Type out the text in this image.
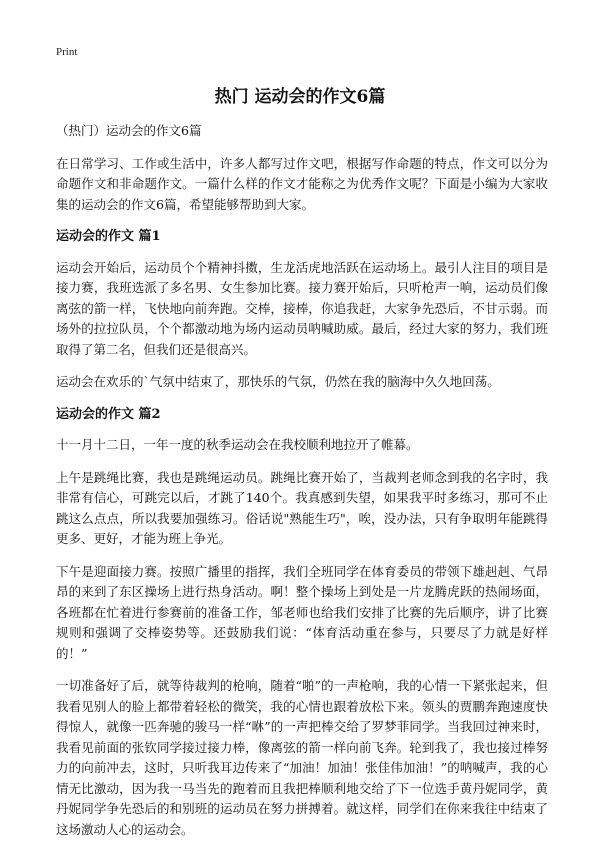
Print
热门 运动会的作文6篇

（热门）运动会的作文6篇

在日常学习、工作或生活中，许多人都写过作文吧，根据写作命题的特点，作文可以分为命题作文和非命题作文。一篇什么样的作文才能称之为优秀作文呢？下面是小编为大家收集的运动会的作文6篇，希望能够帮助到大家。

运动会的作文 篇1

运动会开始后，运动员个个精神抖擞，生龙活虎地活跃在运动场上。最引人注目的项目是接力赛，我班选派了多名男、女生参加比赛。接力赛开始后，只听枪声一响，运动员们像离弦的箭一样，飞快地向前奔跑。交棒，接棒，你追我赶，大家争先恐后，不甘示弱。而场外的拉拉队员，个个都激动地为场内运动员呐喊助威。最后，经过大家的努力，我们班取得了第二名，但我们还是很高兴。

运动会在欢乐的`气氛中结束了，那快乐的气氛，仍然在我的脑海中久久地回荡。

运动会的作文 篇2

十一月十二日，一年一度的秋季运动会在我校顺利地拉开了帷幕。

上午是跳绳比赛，我也是跳绳运动员。跳绳比赛开始了，当裁判老师念到我的名字时，我非常有信心，可跳完以后，才跳了140个。我真感到失望，如果我平时多练习，那可不止跳这么点点，所以我要加强练习。俗话说"熟能生巧"，唉，没办法，只有争取明年能跳得更多、更好，才能为班上争光。

下午是迎面接力赛。按照广播里的指挥，我们全班同学在体育委员的带领下雄赳赳、气昂昂的来到了东区操场上进行热身活动。啊！整个操场上到处是一片龙腾虎跃的热闹场面，各班都在忙着进行参赛前的准备工作，邹老师也给我们安排了比赛的先后顺序，讲了比赛规则和强调了交棒姿势等。还鼓励我们说：“体育活动重在参与，只要尽了力就是好样的！”

一切准备好了后，就等待裁判的枪响，随着“啪”的一声枪响，我的心情一下紧张起来，但我看见别人的脸上都带着轻松的微笑，我的心情也跟着放松下来。领头的贾鹏奔跑速度快得惊人，就像一匹奔驰的骏马一样“咻”的一声把棒交给了罗梦菲同学。当我回过神来时，我看见前面的张钦同学接过接力棒，像离弦的箭一样向前飞奔。轮到我了，我也接过棒努力的向前冲去，这时，只听我耳边传来了“加油！加油！张佳伟加油！”的呐喊声，我的心情无比激动，因为我一马当先的跑着而且我把棒顺利地交给了下一位选手黄丹妮同学，黄丹妮同学争先恐后的和别班的运动员在努力拼搏着。就这样，同学们在你来我往中结束了这场激动人心的运动会。
